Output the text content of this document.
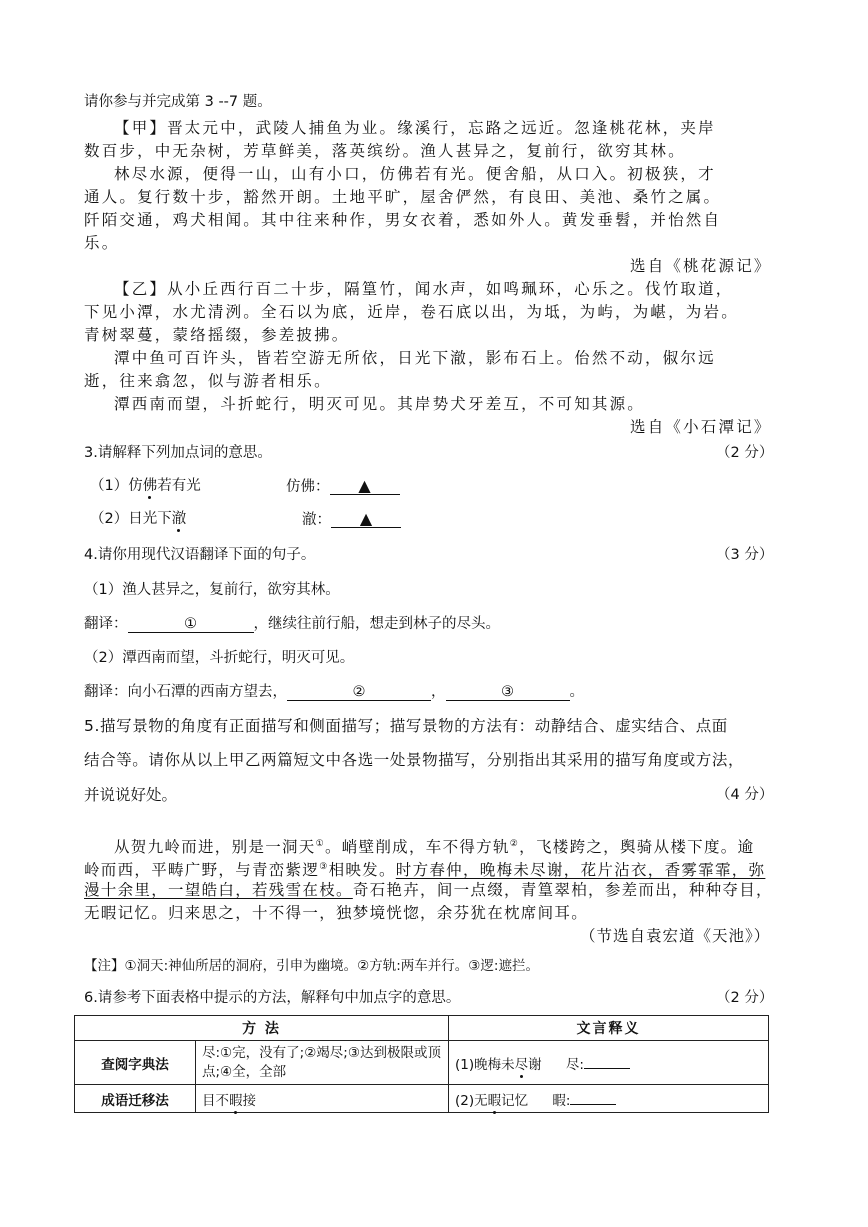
请你参与并完成第 3 --7 题。
【甲】晋太元中，武陵人捕鱼为业。缘溪行，忘路之远近。忽逢桃花林，夹岸
数百步，中无杂树，芳草鲜美，落英缤纷。渔人甚异之，复前行，欲穷其林。
林尽水源，便得一山，山有小口，仿佛若有光。便舍船，从口入。初极狭，才
通人。复行数十步，豁然开朗。土地平旷，屋舍俨然，有良田、美池、桑竹之属。
阡陌交通，鸡犬相闻。其中往来种作，男女衣着，悉如外人。黄发垂髫，并怡然自
乐。
选自《桃花源记》
【乙】从小丘西行百二十步，隔篁竹，闻水声，如鸣珮环，心乐之。伐竹取道，
下见小潭，水尤清洌。全石以为底，近岸，卷石底以出，为坻，为屿，为嵁，为岩。
青树翠蔓，蒙络摇缀，参差披拂。
潭中鱼可百许头，皆若空游无所依，日光下澈，影布石上。佁然不动，俶尔远
逝，往来翕忽，似与游者相乐。
潭西南而望，斗折蛇行，明灭可见。其岸势犬牙差互，不可知其源。
选自《小石潭记》
3.请解释下列加点词的意思。	（2 分）
（1）仿佛若有光	仿佛： ▲
（2）日光下澈	澈： ▲
4.请你用现代汉语翻译下面的句子。	（3 分）
（1）渔人甚异之，复前行，欲穷其林。
翻译：	①	，继续往前行船，想走到林子的尽头。
（2）潭西南而望，斗折蛇行，明灭可见。
翻译：向小石潭的西南方望去，	②	，	③	。
5.描写景物的角度有正面描写和侧面描写；描写景物的方法有：动静结合、虚实结合、点面
结合等。请你从以上甲乙两篇短文中各选一处景物描写，分别指出其采用的描写角度或方法，
并说说好处。	（4 分）
从贺九岭而进，别是一洞天①。峭壁削成，车不得方轨②，飞楼跨之，舆骑从楼下度。逾
岭而西，平畴广野，与青峦紫逻③相映发。时方春仲，晚梅未尽谢，花片沾衣，香雾霏霏，弥
漫十余里，一望皓白，若残雪在枝。奇石艳卉，间一点缀，青篁翠柏，参差而出，种种夺目，
无暇记忆。归来思之，十不得一，独梦境恍惚，余芬犹在枕席间耳。
（节选自袁宏道《天池》）
【注】①洞天:神仙所居的洞府，引申为幽境。②方轨:两车并行。③逻:遮拦。
6.请参考下面表格中提示的方法，解释句中加点字的意思。	（2 分）
方 法		文言释义
查阅字典法	尽:①完，没有了;②竭尽;③达到极限或顶点;④全，全部	(1)晚梅未尽谢 尽:
成语迁移法	目不暇接	(2)无暇记忆 暇:
